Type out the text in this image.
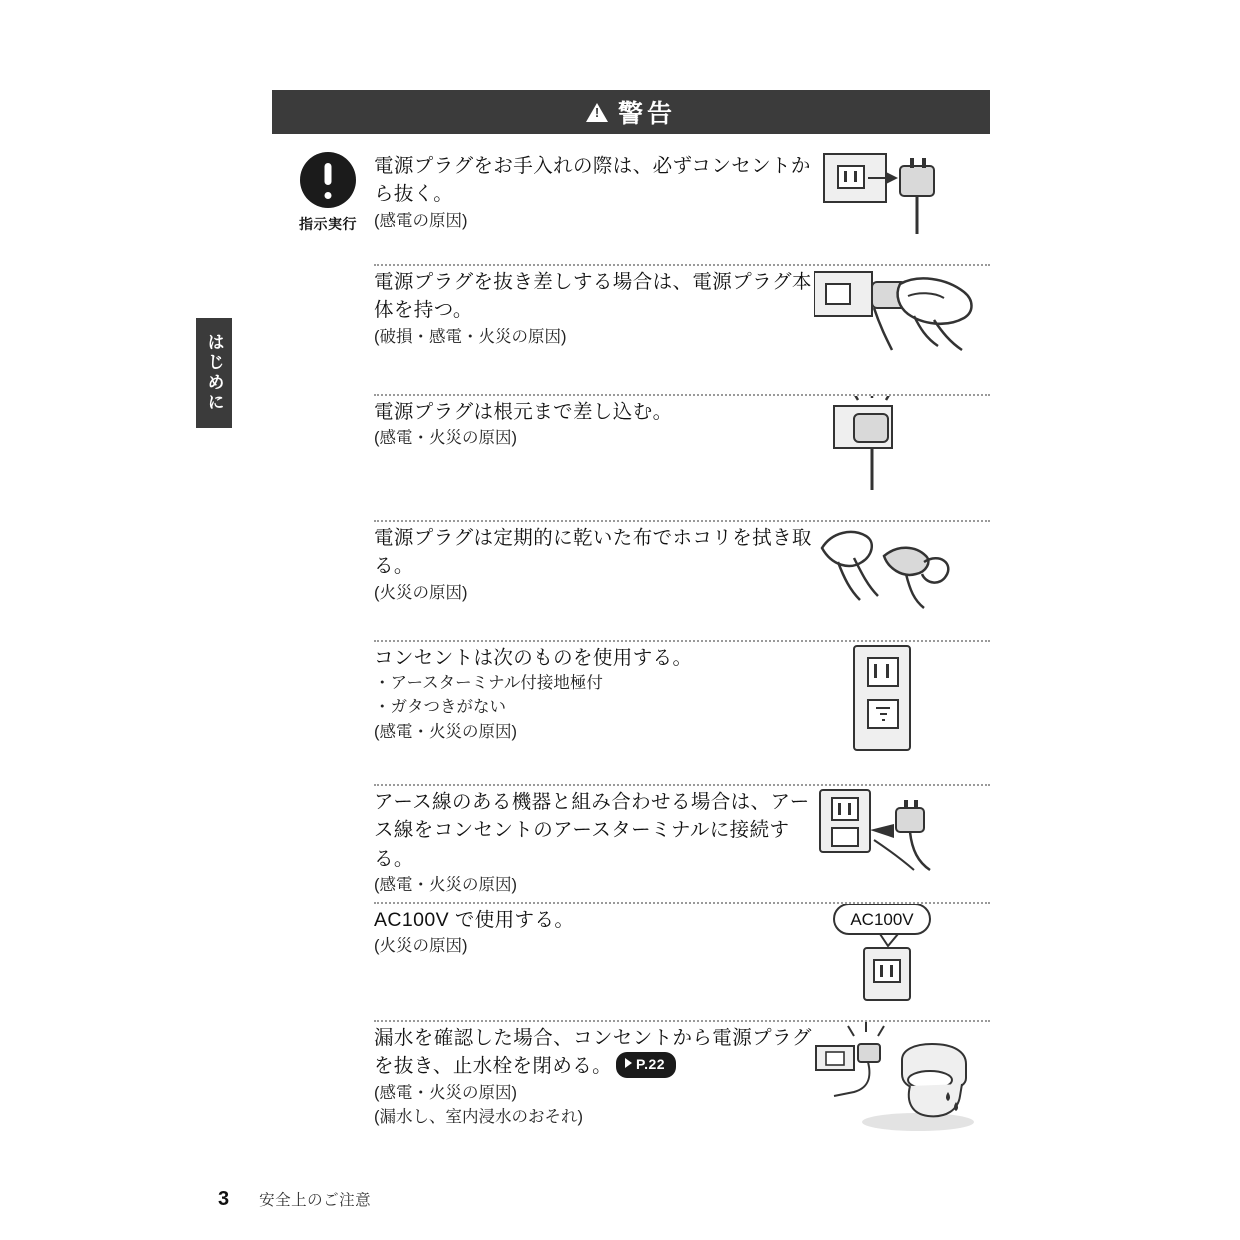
はじめに
!
警告
指示実行
電源プラグをお手入れの際は、必ずコンセントから抜く。
(感電の原因)
電源プラグを抜き差しする場合は、電源プラグ本体を持つ。
(破損・感電・火災の原因)
電源プラグは根元まで差し込む。
(感電・火災の原因)
電源プラグは定期的に乾いた布でホコリを拭き取る。
(火災の原因)
コンセントは次のものを使用する。
・アースターミナル付接地極付
・ガタつきがない
(感電・火災の原因)
アース線のある機器と組み合わせる場合は、アース線をコンセントのアースターミナルに接続する。
(感電・火災の原因)
AC100V で使用する。
(火災の原因)
AC100V
漏水を確認した場合、コンセントから電源プラグを抜き、止水栓を閉める。 P.22
(感電・火災の原因)
(漏水し、室内浸水のおそれ)
3 安全上のご注意
